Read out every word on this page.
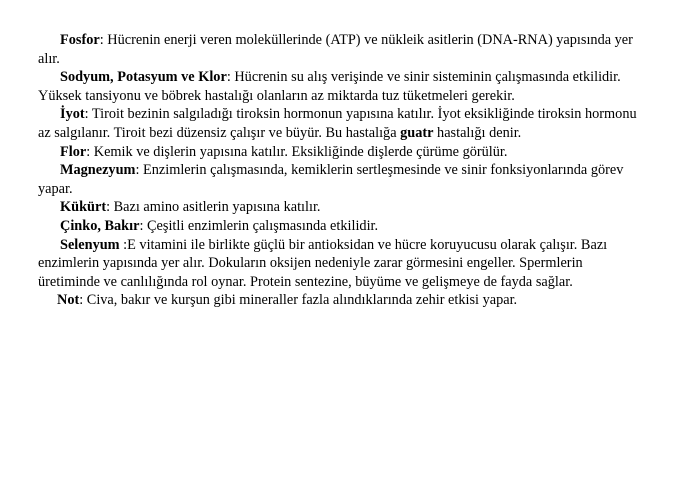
Fosfor: Hücrenin enerji veren moleküllerinde (ATP) ve nükleik asitlerin (DNA-RNA) yapısında yer alır.

Sodyum, Potasyum ve Klor: Hücrenin su alış verişinde ve sinir sisteminin çalışmasında etkilidir. Yüksek tansiyonu ve böbrek hastalığı olanların az miktarda tuz tüketmeleri gerekir.

İyot: Tiroit bezinin salgıladığı tiroksin hormonun yapısına katılır. İyot eksikliğinde tiroksin hormonu az salgılanır. Tiroit bezi düzensiz çalışır ve büyür. Bu hastalığa guatr hastalığı denir.

Flor: Kemik ve dişlerin yapısına katılır. Eksikliğinde dişlerde çürüme görülür.

Magnezyum: Enzimlerin çalışmasında, kemiklerin sertleşmesinde ve sinir fonksiyonlarında görev yapar.

Kükürt: Bazı amino asitlerin yapısına katılır.

Çinko, Bakır: Çeşitli enzimlerin çalışmasında etkilidir.

Selenyum :E vitamini ile birlikte güçlü bir antioksidan ve hücre koruyucusu olarak çalışır. Bazı enzimlerin yapısında yer alır. Dokuların oksijen nedeniyle zarar görmesini engeller. Spermlerin üretiminde ve canlılığında rol oynar. Protein sentezine, büyüme ve gelişmeye de fayda sağlar.

Not: Civa, bakır ve kurşun gibi mineraller fazla alındıklarında zehir etkisi yapar.
